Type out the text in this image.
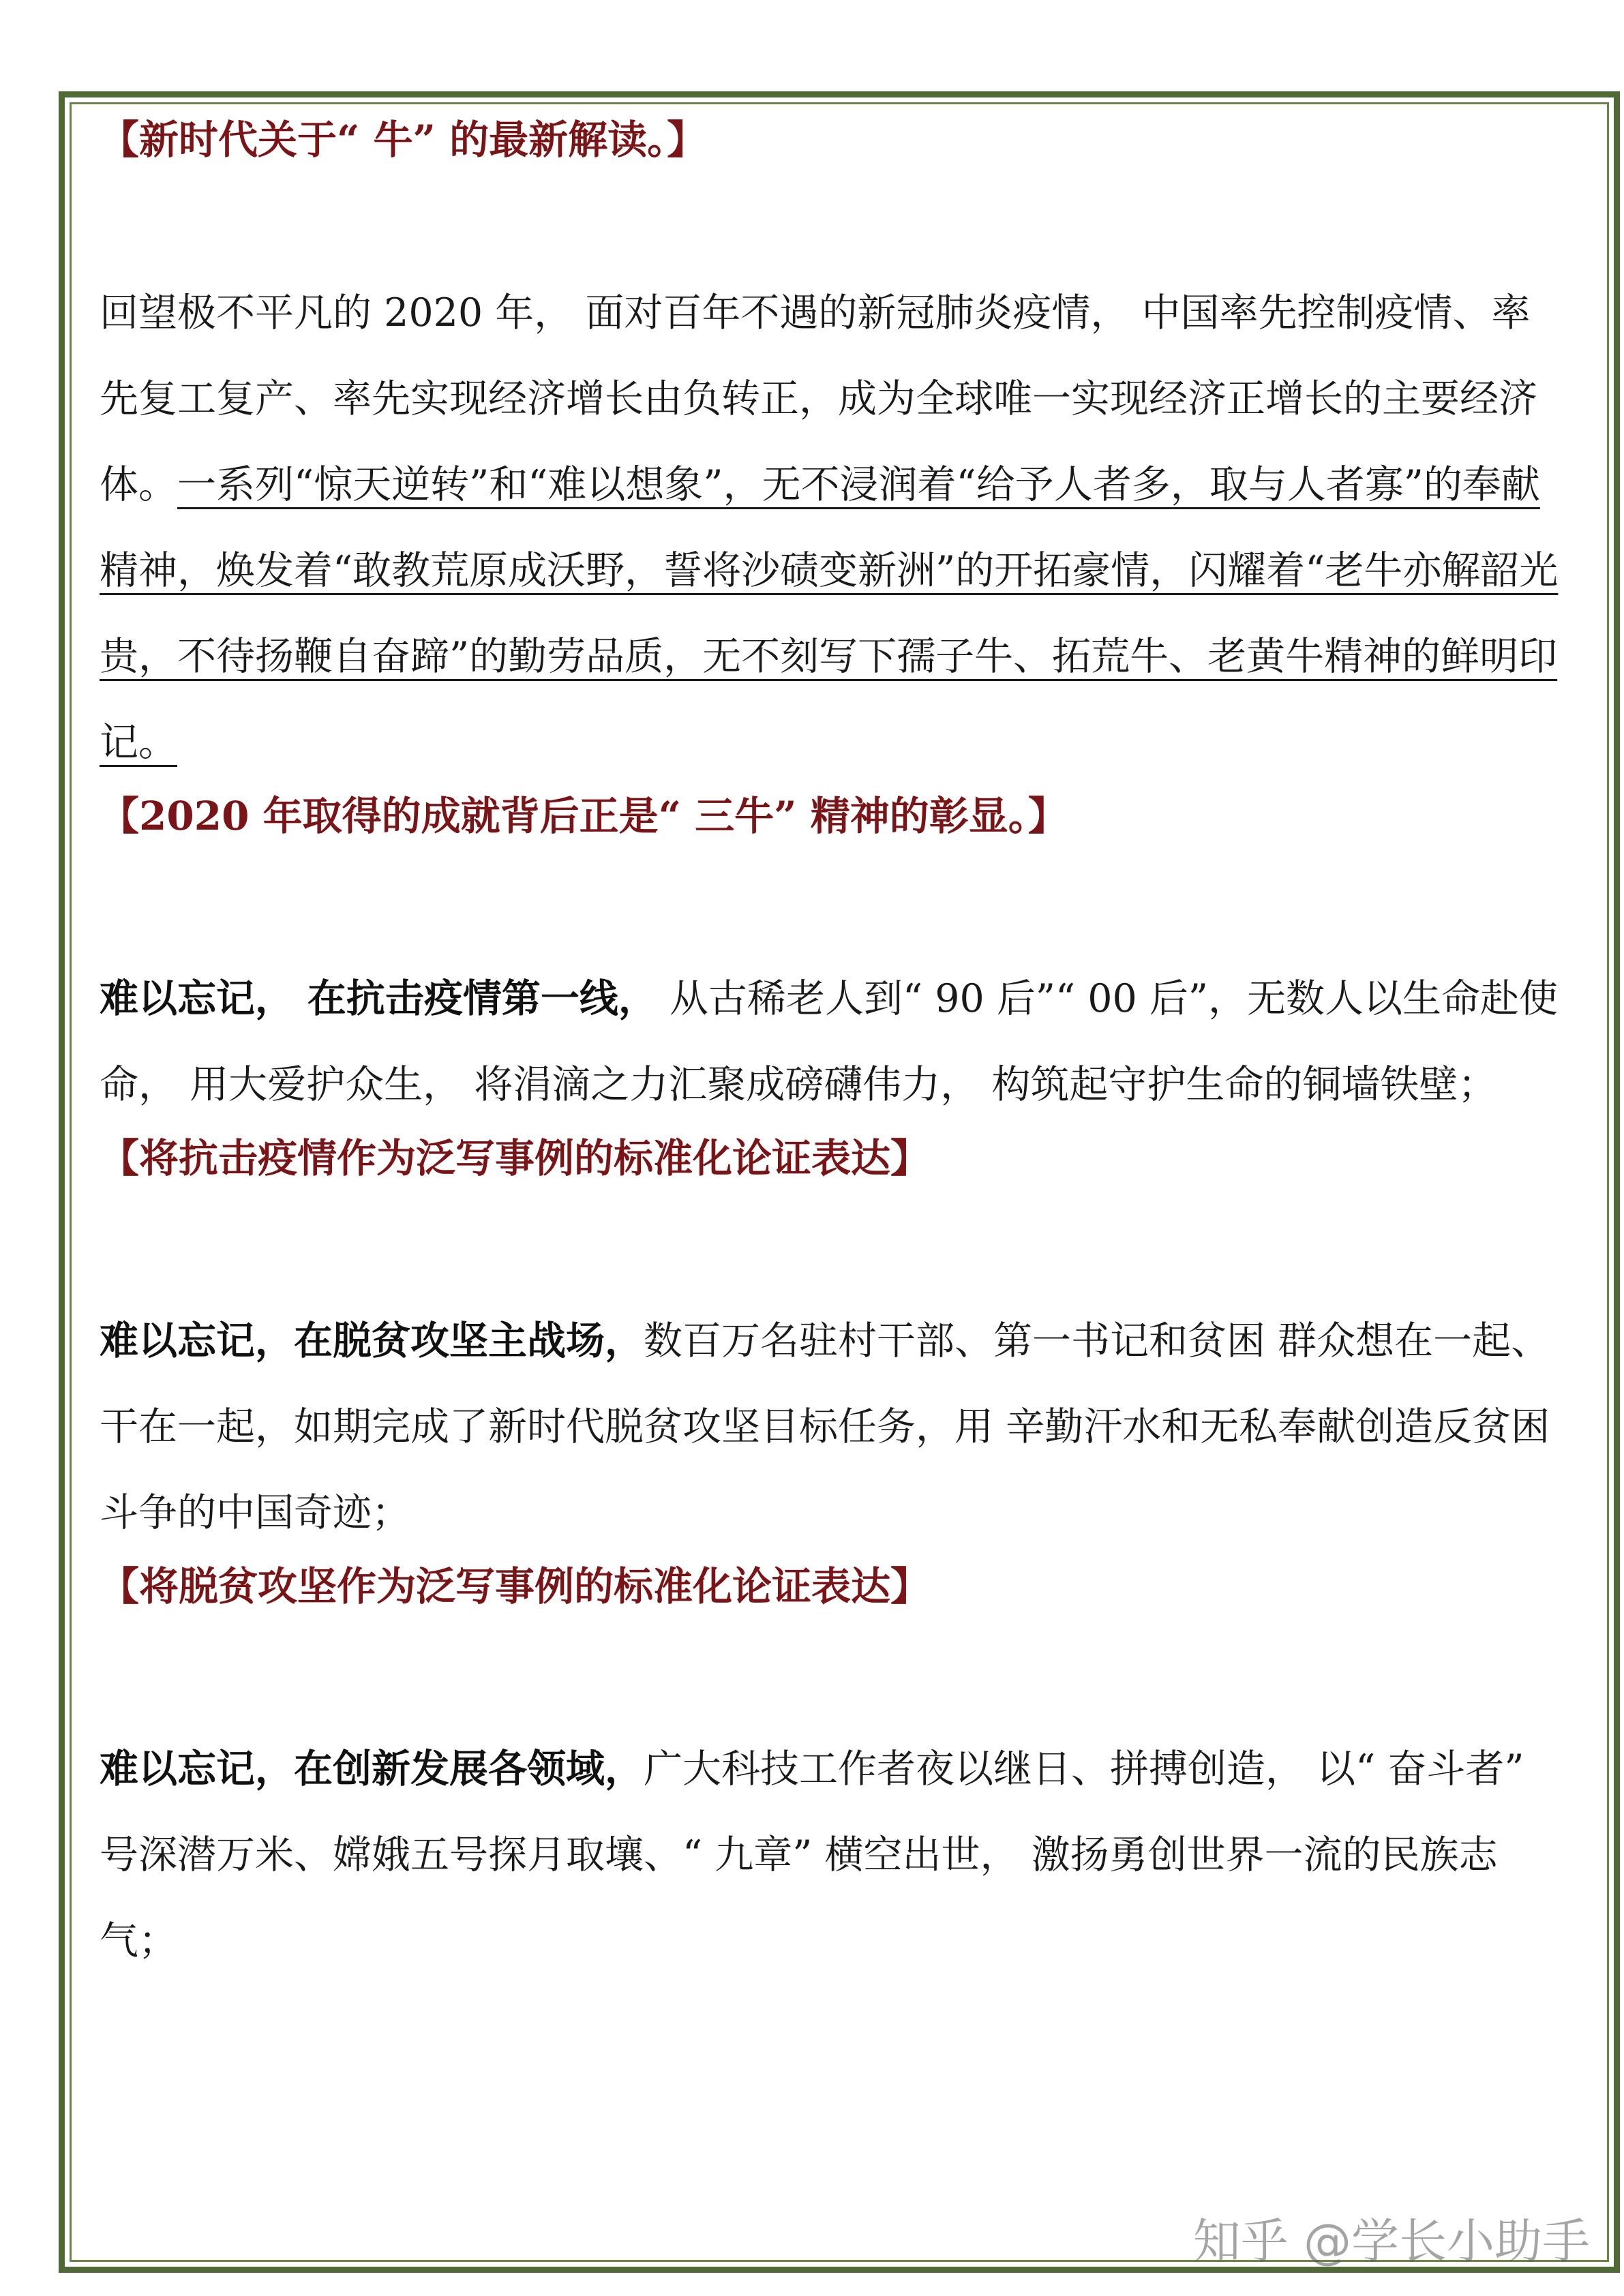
【新时代关于“ 牛” 的最新解读。】

回望极不平凡的 2020 年， 面对百年不遇的新冠肺炎疫情， 中国率先控制疫情、率先复工复产、率先实现经济增长由负转正，成为全球唯一实现经济正增长的主要经济体。一系列“惊天逆转”和“难以想象”，无不浸润着“给予人者多，取与人者寡”的奉献精神，焕发着“敢教荒原成沃野，誓将沙碛变新洲”的开拓豪情，闪耀着“老牛亦解韶光贵，不待扬鞭自奋蹄”的勤劳品质，无不刻写下孺子牛、拓荒牛、老黄牛精神的鲜明印记。

【2020 年取得的成就背后正是“ 三牛” 精神的彰显。】

难以忘记， 在抗击疫情第一线， 从古稀老人到“ 90 后”“ 00 后”，无数人以生命赴使命， 用大爱护众生， 将涓滴之力汇聚成磅礴伟力， 构筑起守护生命的铜墙铁壁；

【将抗击疫情作为泛写事例的标准化论证表达】

难以忘记，在脱贫攻坚主战场，数百万名驻村干部、第一书记和贫困 群众想在一起、干在一起，如期完成了新时代脱贫攻坚目标任务，用 辛勤汗水和无私奉献创造反贫困斗争的中国奇迹；

【将脱贫攻坚作为泛写事例的标准化论证表达】

难以忘记，在创新发展各领域，广大科技工作者夜以继日、拼搏创造， 以“ 奋斗者” 号深潜万米、嫦娥五号探月取壤、“ 九章” 横空出世， 激扬勇创世界一流的民族志气；

知乎 @学长小助手
